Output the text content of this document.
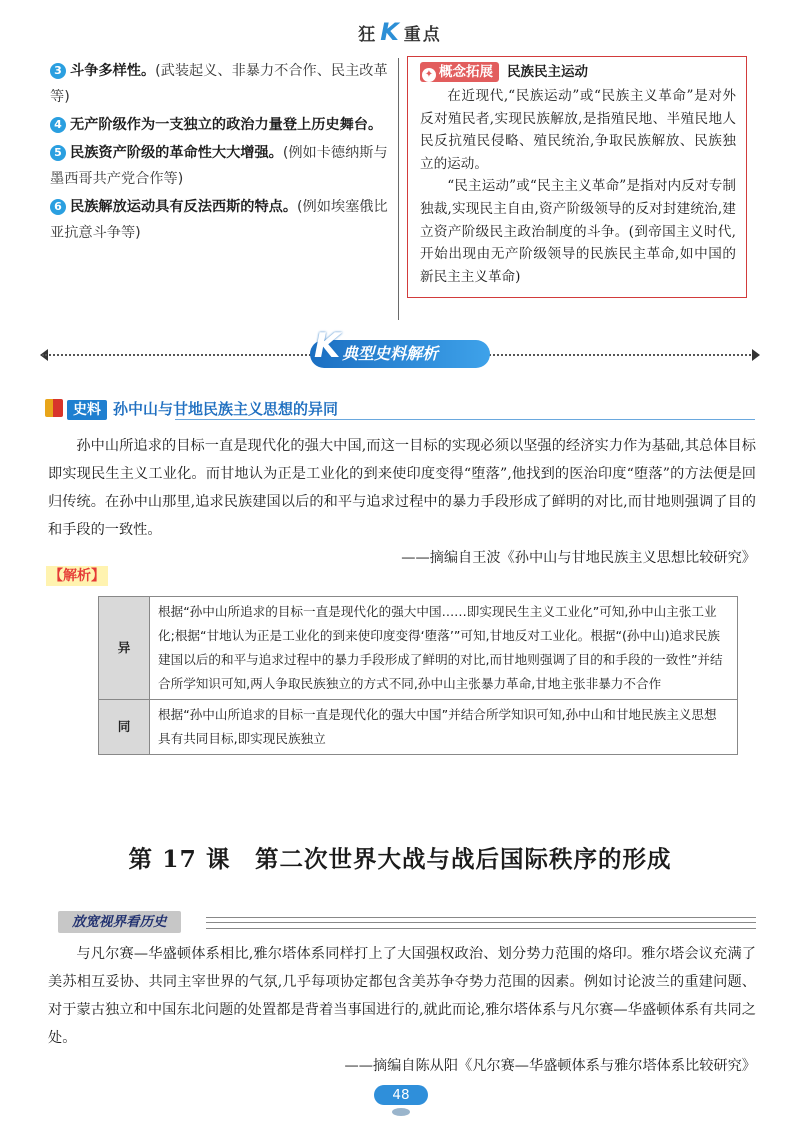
狂 K 重点

3 斗争多样性。(武装起义、非暴力不合作、民主改革等)

4 无产阶级作为一支独立的政治力量登上历史舞台。

5 民族资产阶级的革命性大大增强。(例如卡德纳斯与墨西哥共产党合作等)

6 民族解放运动具有反法西斯的特点。(例如埃塞俄比亚抗意斗争等)

✦ 概念拓展 民族民主运动

在近现代,“民族运动”或“民族主义革命”是对外反对殖民者,实现民族解放,是指殖民地、半殖民地人民反抗殖民侵略、殖民统治,争取民族解放、民族独立的运动。

“民主运动”或“民主主义革命”是指对内反对专制独裁,实现民主自由,资产阶级领导的反对封建统治,建立资产阶级民主政治制度的斗争。(到帝国主义时代,开始出现由无产阶级领导的民族民主革命,如中国的新民主主义革命)

K 典型史料解析
史料 孙中山与甘地民族主义思想的异同

孙中山所追求的目标一直是现代化的强大中国,而这一目标的实现必须以坚强的经济实力作为基础,其总体目标即实现民生主义工业化。而甘地认为正是工业化的到来使印度变得“堕落”,他找到的医治印度“堕落”的方法便是回归传统。在孙中山那里,追求民族建国以后的和平与追求过程中的暴力手段形成了鲜明的对比,而甘地则强调了目的和手段的一致性。

——摘编自王波《孙中山与甘地民族主义思想比较研究》
【解析】
异	根据“孙中山所追求的目标一直是现代化的强大中国……即实现民生主义工业化”可知,孙中山主张工业化;根据“甘地认为正是工业化的到来使印度变得‘堕落’”可知,甘地反对工业化。根据“(孙中山)追求民族建国以后的和平与追求过程中的暴力手段形成了鲜明的对比,而甘地则强调了目的和手段的一致性”并结合所学知识可知,两人争取民族独立的方式不同,孙中山主张暴力革命,甘地主张非暴力不合作
同	根据“孙中山所追求的目标一直是现代化的强大中国”并结合所学知识可知,孙中山和甘地民族主义思想具有共同目标,即实现民族独立
第 17 课　第二次世界大战与战后国际秩序的形成
放宽视界看历史

与凡尔赛—华盛顿体系相比,雅尔塔体系同样打上了大国强权政治、划分势力范围的烙印。雅尔塔会议充满了美苏相互妥协、共同主宰世界的气氛,几乎每项协定都包含美苏争夺势力范围的因素。例如讨论波兰的重建问题、对于蒙古独立和中国东北问题的处置都是背着当事国进行的,就此而论,雅尔塔体系与凡尔赛—华盛顿体系有共同之处。

——摘编自陈从阳《凡尔赛—华盛顿体系与雅尔塔体系比较研究》
48
